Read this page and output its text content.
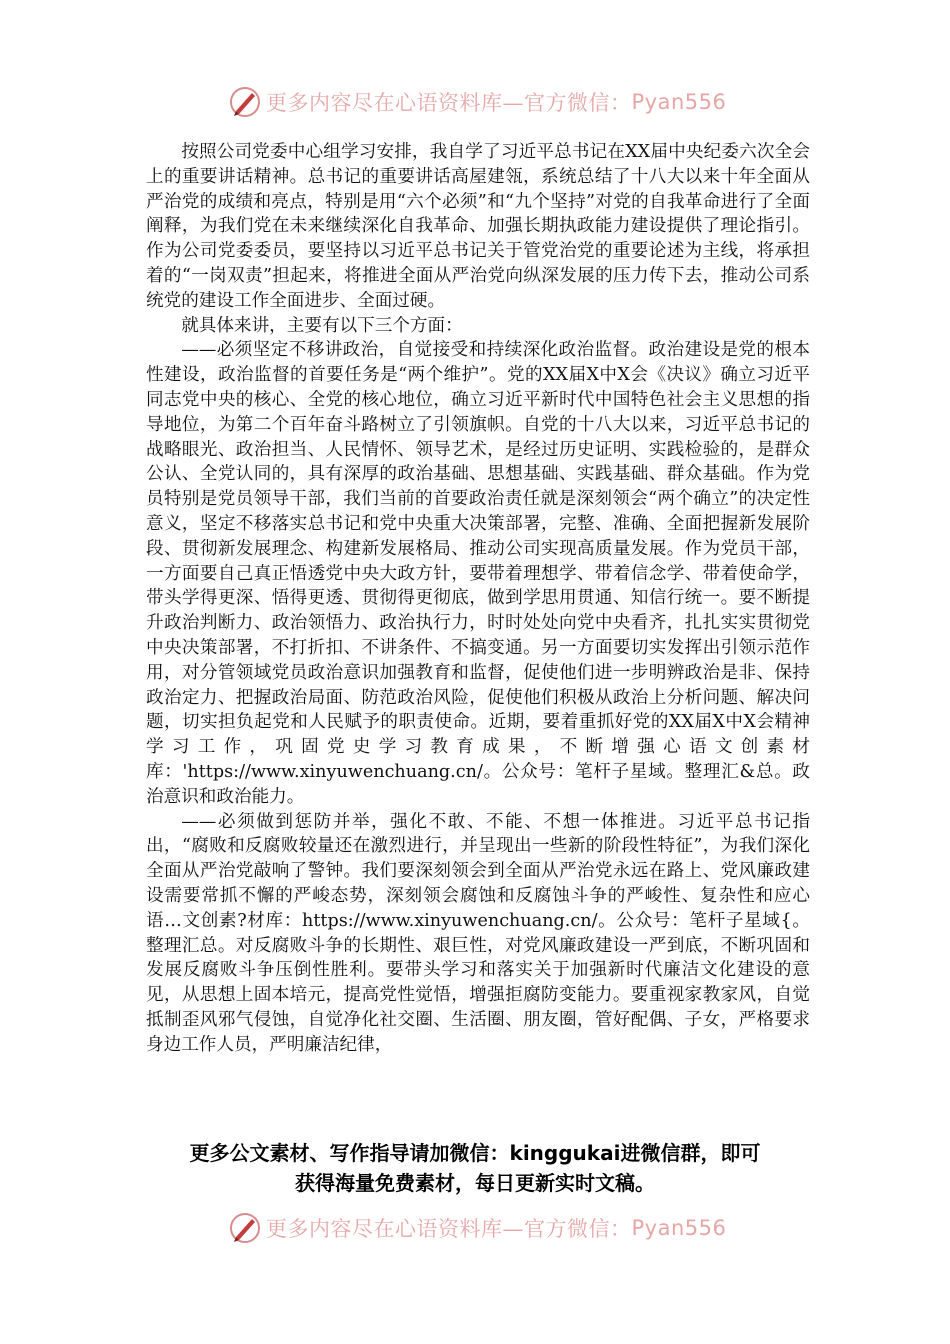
更多内容尽在心语资料库—官方微信： Pyan556

按照公司党委中心组学习安排，我自学了习近平总书记在XX届中央纪委六次全会上的重要讲话精神。总书记的重要讲话高屋建瓴，系统总结了十八大以来十年全面从严治党的成绩和亮点，特别是用“六个必须”和“九个坚持”对党的自我革命进行了全面阐释，为我们党在未来继续深化自我革命、加强长期执政能力建设提供了理论指引。作为公司党委委员，要坚持以习近平总书记关于管党治党的重要论述为主线，将承担着的“一岗双责”担起来，将推进全面从严治党向纵深发展的压力传下去，推动公司系统党的建设工作全面进步、全面过硬。

就具体来讲，主要有以下三个方面：

——必须坚定不移讲政治，自觉接受和持续深化政治监督。政治建设是党的根本性建设，政治监督的首要任务是“两个维护”。党的XX届X中X会《决议》确立习近平同志党中央的核心、全党的核心地位，确立习近平新时代中国特色社会主义思想的指导地位，为第二个百年奋斗路树立了引领旗帜。自党的十八大以来，习近平总书记的战略眼光、政治担当、人民情怀、领导艺术，是经过历史证明、实践检验的，是群众公认、全党认同的，具有深厚的政治基础、思想基础、实践基础、群众基础。作为党员特别是党员领导干部，我们当前的首要政治责任就是深刻领会“两个确立”的决定性意义，坚定不移落实总书记和党中央重大决策部署，完整、准确、全面把握新发展阶段、贯彻新发展理念、构建新发展格局、推动公司实现高质量发展。作为党员干部，一方面要自己真正悟透党中央大政方针，要带着理想学、带着信念学、带着使命学，带头学得更深、悟得更透、贯彻得更彻底，做到学思用贯通、知信行统一。要不断提升政治判断力、政治领悟力、政治执行力，时时处处向党中央看齐，扎扎实实贯彻党中央决策部署，不打折扣、不讲条件、不搞变通。另一方面要切实发挥出引领示范作用，对分管领域党员政治意识加强教育和监督，促使他们进一步明辨政治是非、保持政治定力、把握政治局面、防范政治风险，促使他们积极从政治上分析问题、解决问题，切实担负起党和人民赋予的职责使命。近期，要着重抓好党的XX届X中X会精神学习工作，巩固党史学习教育成果，不断增强心语文创素材库：'https://www.xinyuwenchuang.cn/。公众号：笔杆子星域。整理汇&总。政治意识和政治能力。

——必须做到惩防并举，强化不敢、不能、不想一体推进。习近平总书记指出，“腐败和反腐败较量还在激烈进行，并呈现出一些新的阶段性特征”，为我们深化全面从严治党敲响了警钟。我们要深刻领会到全面从严治党永远在路上、党风廉政建设需要常抓不懈的严峻态势，深刻领会腐蚀和反腐蚀斗争的严峻性、复杂性和应心语…文创素?材库：https://www.xinyuwenchuang.cn/。公众号：笔杆子星域{。整理汇总。对反腐败斗争的长期性、艰巨性，对党风廉政建设一严到底，不断巩固和发展反腐败斗争压倒性胜利。要带头学习和落实关于加强新时代廉洁文化建设的意见，从思想上固本培元，提高党性觉悟，增强拒腐防变能力。要重视家教家风，自觉抵制歪风邪气侵蚀，自觉净化社交圈、生活圈、朋友圈，管好配偶、子女，严格要求身边工作人员，严明廉洁纪律，

更多公文素材、写作指导请加微信：kinggukai进微信群，即可
获得海量免费素材，每日更新实时文稿。
更多内容尽在心语资料库—官方微信： Pyan556
